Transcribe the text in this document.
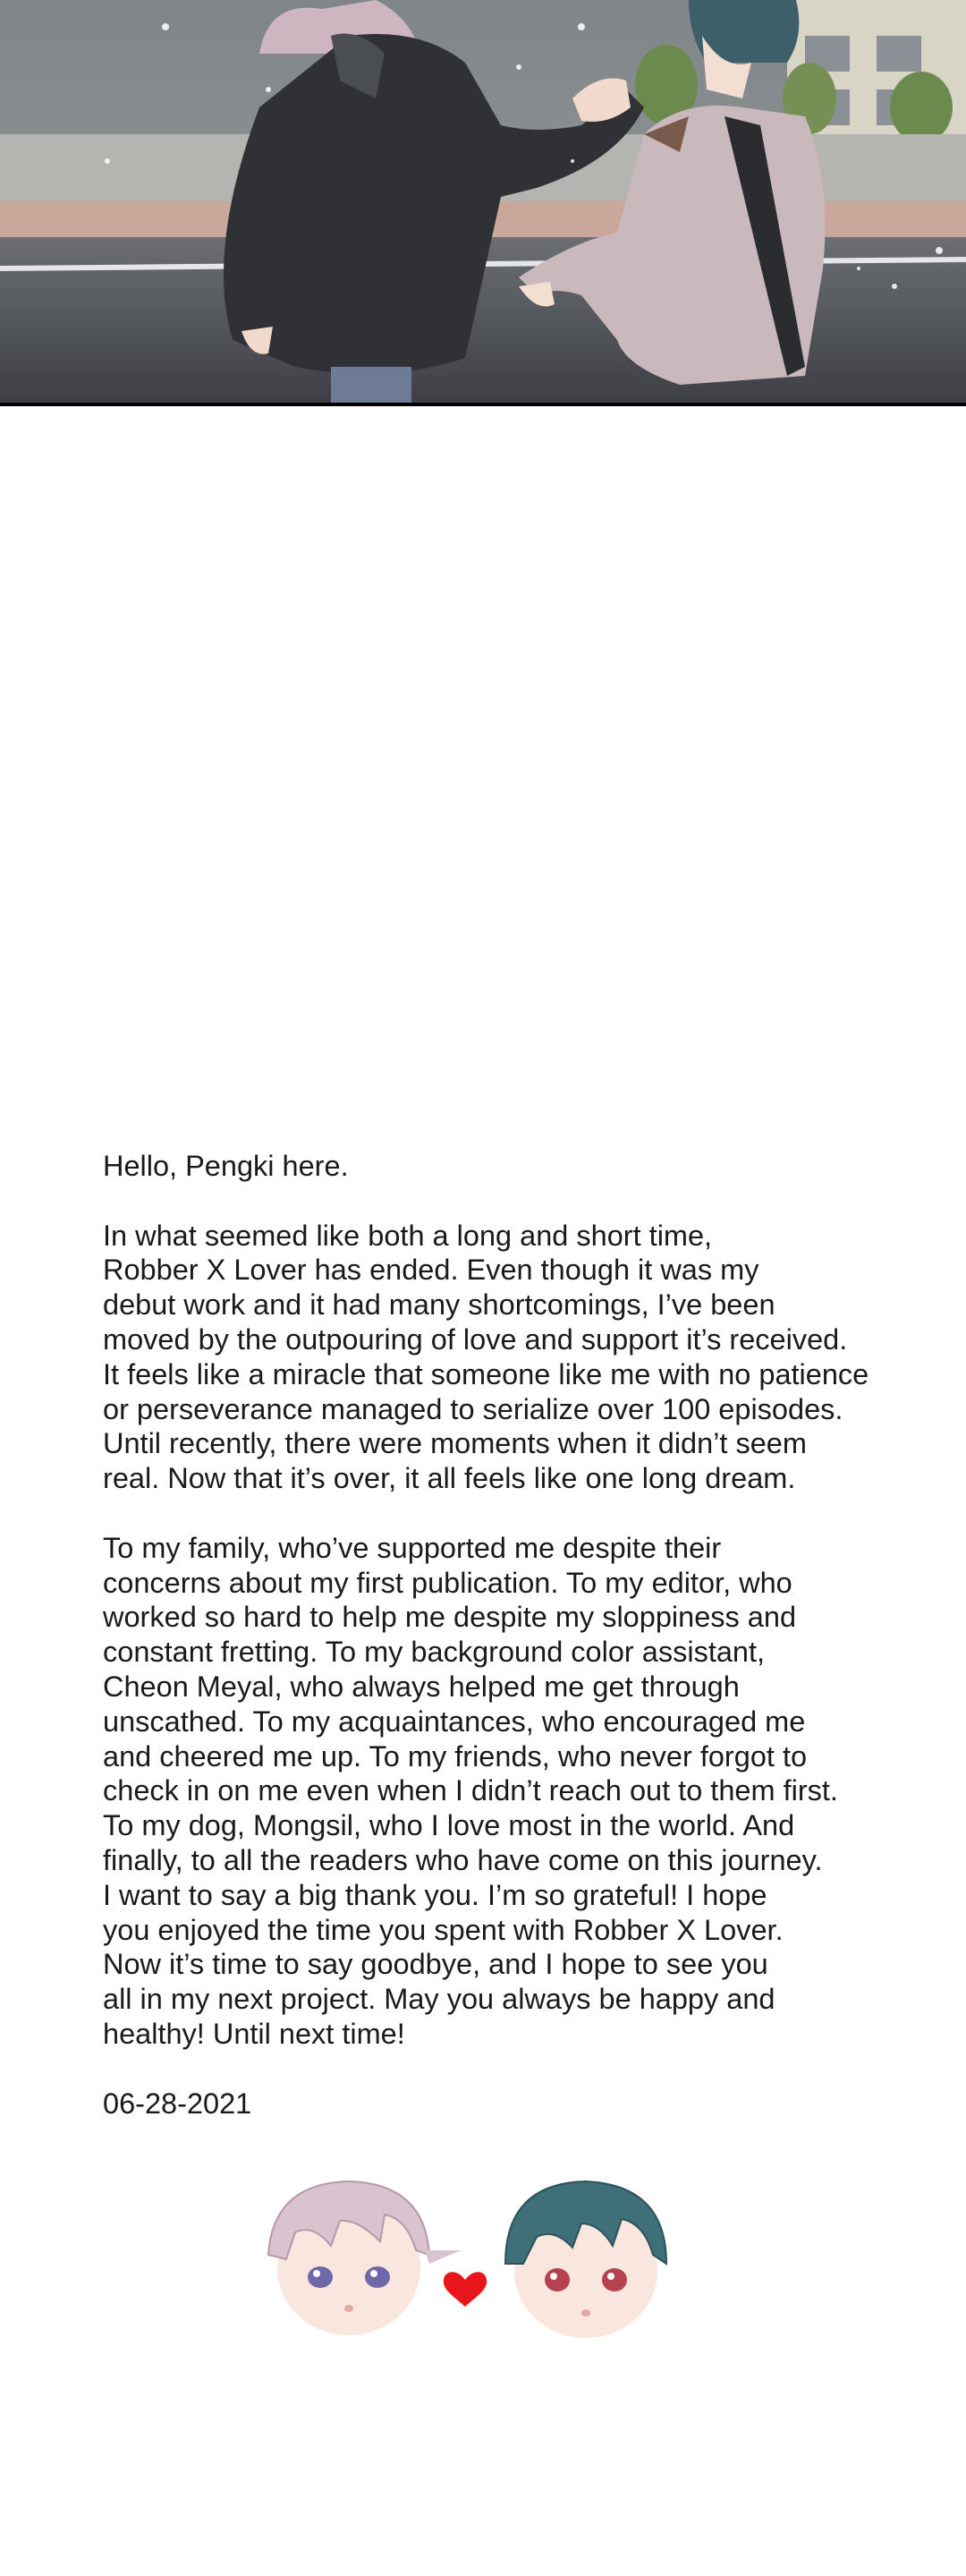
Hello, Pengki here.

In what seemed like both a long and short time,
Robber X Lover has ended. Even though it was my
debut work and it had many shortcomings, I’ve been
moved by the outpouring of love and support it’s received.
It feels like a miracle that someone like me with no patience
or perseverance managed to serialize over 100 episodes.
Until recently, there were moments when it didn’t seem
real. Now that it’s over, it all feels like one long dream.

To my family, who’ve supported me despite their
concerns about my first publication. To my editor, who
worked so hard to help me despite my sloppiness and
constant fretting. To my background color assistant,
Cheon Meyal, who always helped me get through
unscathed. To my acquaintances, who encouraged me
and cheered me up. To my friends, who never forgot to
check in on me even when I didn’t reach out to them first.
To my dog, Mongsil, who I love most in the world. And
finally, to all the readers who have come on this journey.
I want to say a big thank you. I’m so grateful! I hope
you enjoyed the time you spent with Robber X Lover.
Now it’s time to say goodbye, and I hope to see you
all in my next project. May you always be happy and
healthy! Until next time!

06-28-2021
